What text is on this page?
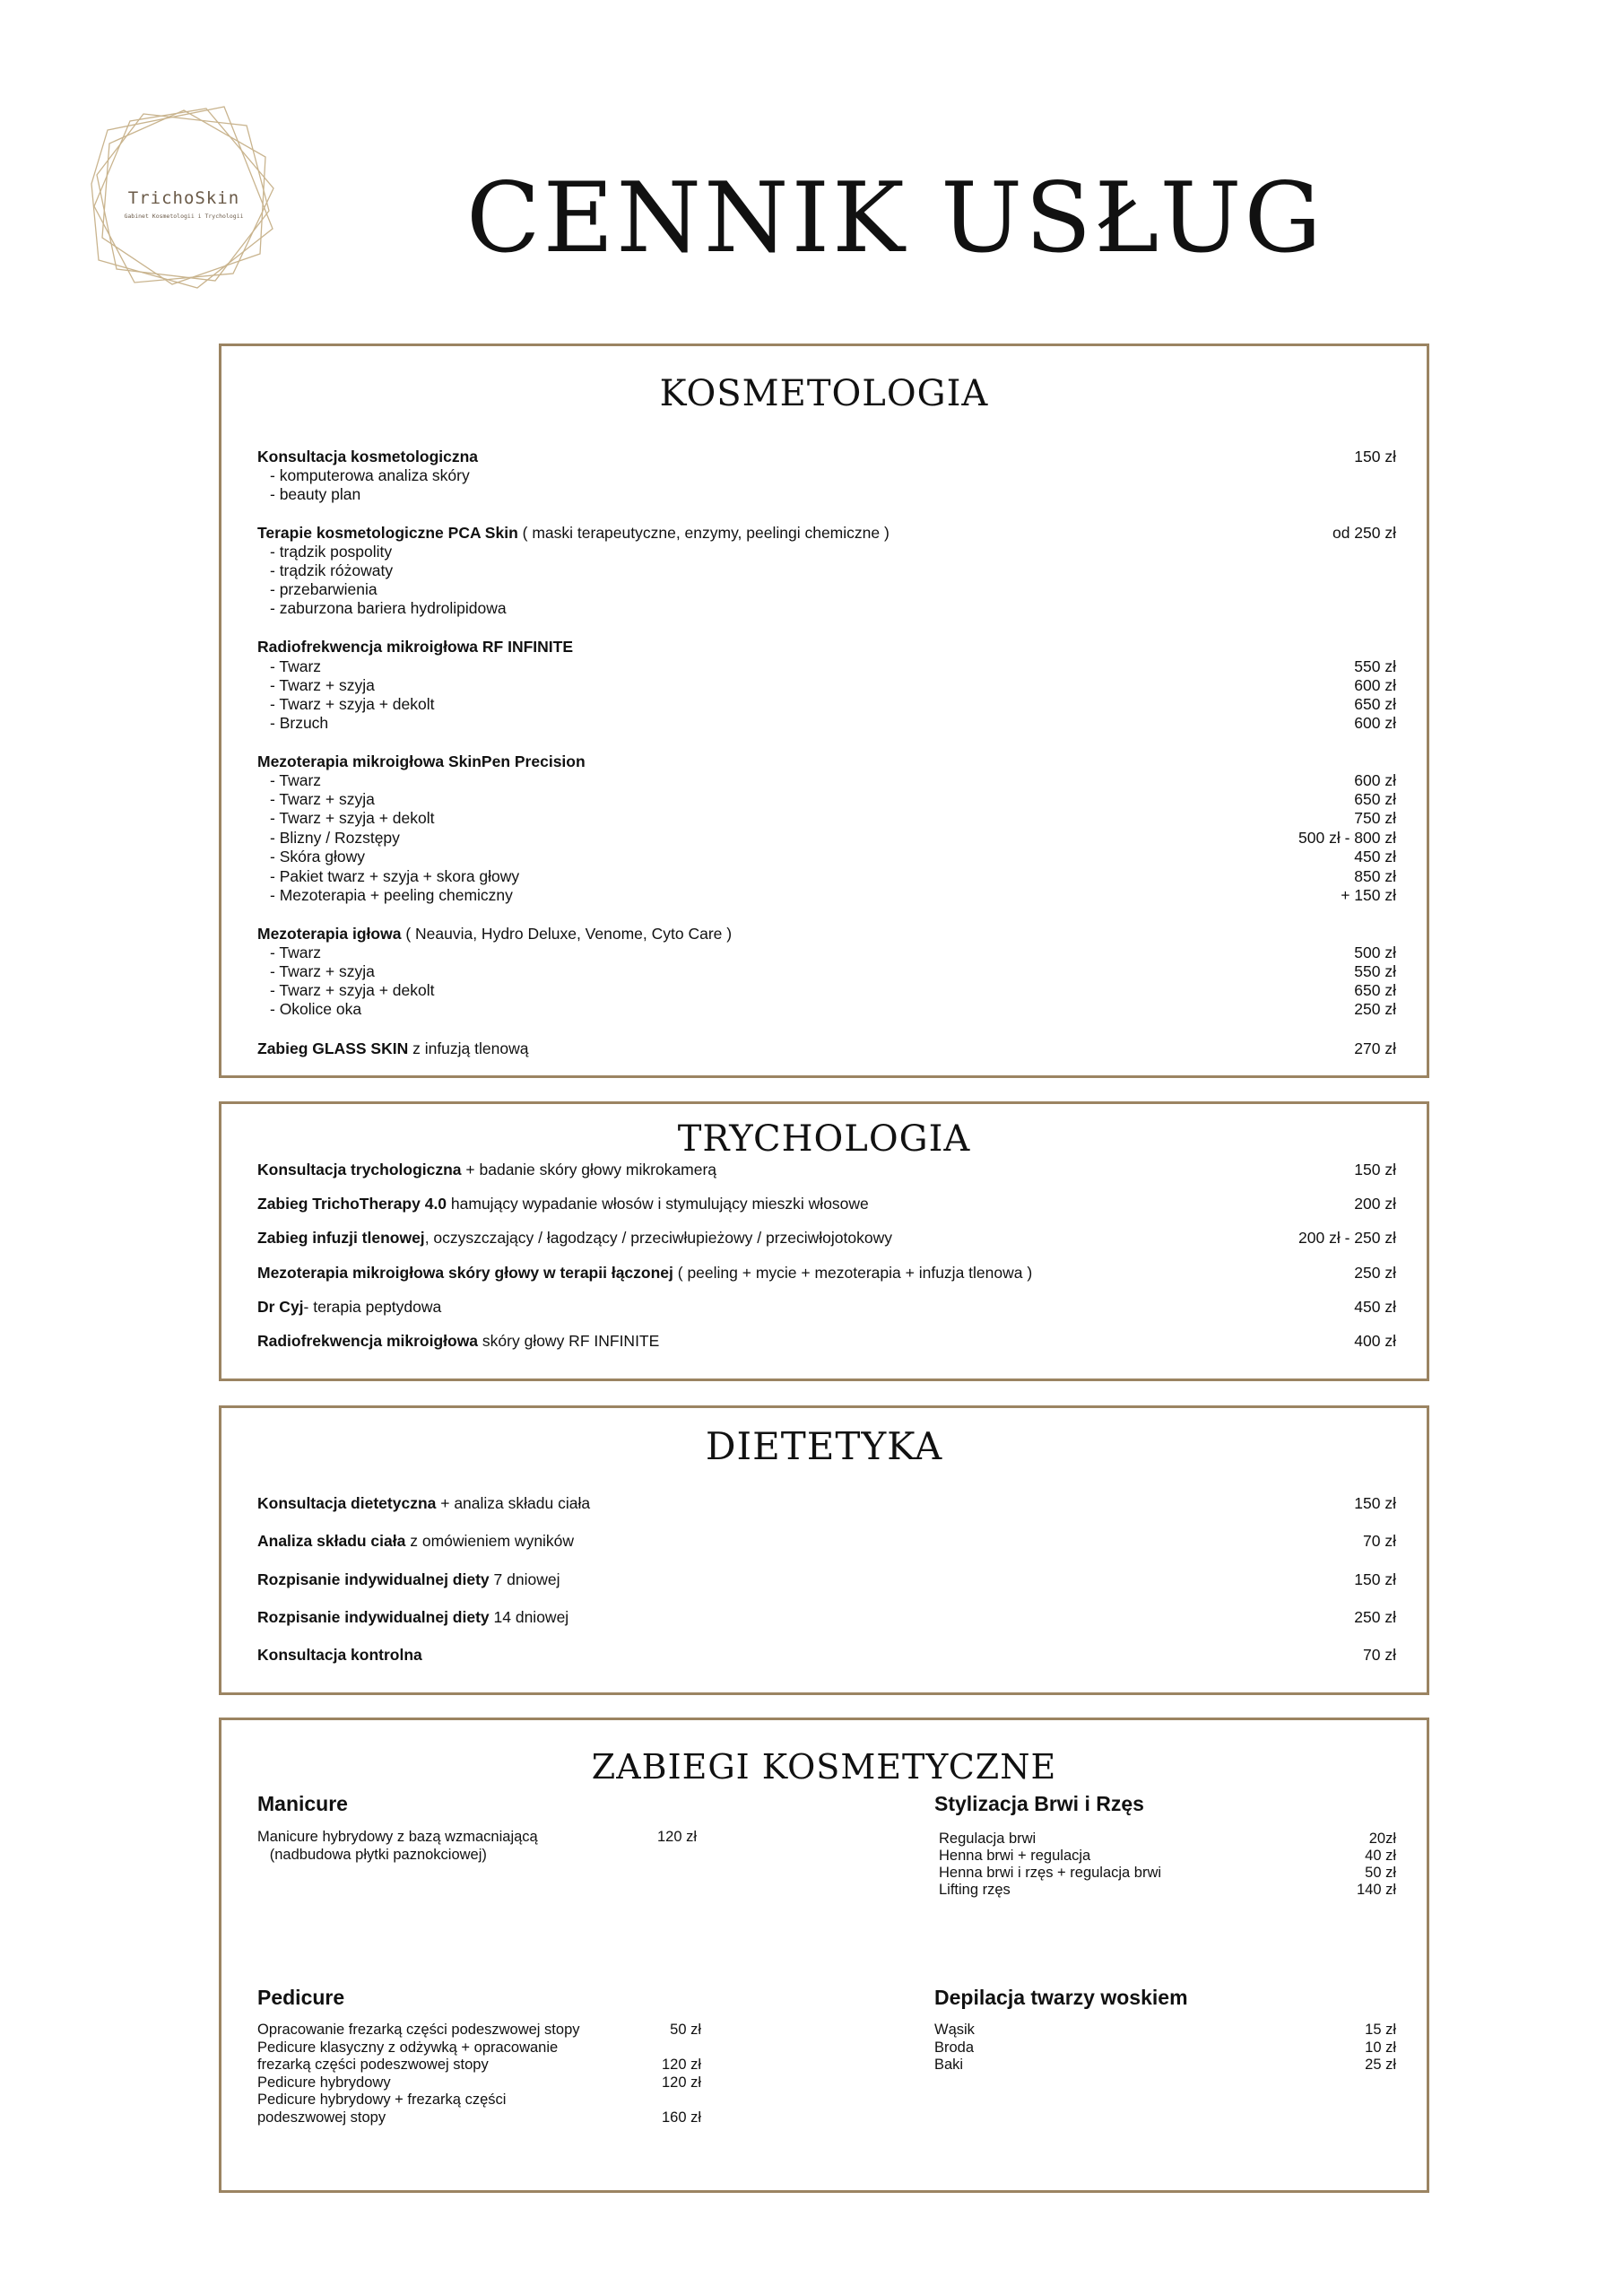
TrichoSkin
Gabinet Kosmetologii i Trychologii	CENNIK USŁUG
KOSMETOLOGIA
Konsultacja kosmetologiczna	150 zł
- komputerowa analiza skóry
- beauty plan
Terapie kosmetologiczne PCA Skin ( maski terapeutyczne, enzymy, peelingi chemiczne )	od 250 zł
- trądzik pospolity
- trądzik różowaty
- przebarwienia
- zaburzona bariera hydrolipidowa
Radiofrekwencja mikroigłowa RF INFINITE
- Twarz	550 zł
- Twarz + szyja	600 zł
- Twarz + szyja + dekolt	650 zł
- Brzuch	600 zł
Mezoterapia mikroigłowa SkinPen Precision
- Twarz	600 zł
- Twarz + szyja	650 zł
- Twarz + szyja + dekolt	750 zł
- Blizny / Rozstępy	500 zł - 800 zł
- Skóra głowy	450 zł
- Pakiet twarz + szyja + skora głowy	850 zł
- Mezoterapia + peeling chemiczny	+ 150 zł
Mezoterapia igłowa ( Neauvia, Hydro Deluxe, Venome, Cyto Care )
- Twarz	500 zł
- Twarz + szyja	550 zł
- Twarz + szyja + dekolt	650 zł
- Okolice oka	250 zł
Zabieg GLASS SKIN z infuzją tlenową	270 zł
TRYCHOLOGIA
Konsultacja trychologiczna + badanie skóry głowy mikrokamerą	150 zł
Zabieg TrichoTherapy 4.0 hamujący wypadanie włosów i stymulujący mieszki włosowe	200 zł
Zabieg infuzji tlenowej, oczyszczający / łagodzący / przeciwłupieżowy / przeciwłojotokowy	200 zł - 250 zł
Mezoterapia mikroigłowa skóry głowy w terapii łączonej ( peeling + mycie + mezoterapia + infuzja tlenowa )	250 zł
Dr Cyj- terapia peptydowa	450 zł
Radiofrekwencja mikroigłowa skóry głowy RF INFINITE	400 zł
DIETETYKA
Konsultacja dietetyczna + analiza składu ciała	150 zł
Analiza składu ciała z omówieniem wyników	70 zł
Rozpisanie indywidualnej diety 7 dniowej	150 zł
Rozpisanie indywidualnej diety 14 dniowej	250 zł
Konsultacja kontrolna	70 zł
ZABIEGI KOSMETYCZNE
Manicure
Manicure hybrydowy z bazą wzmacniającą	120 zł
(nadbudowa płytki paznokciowej)
Stylizacja Brwi i Rzęs
Regulacja brwi	20zł
Henna brwi + regulacja	40 zł
Henna brwi i rzęs + regulacja brwi	50 zł
Lifting rzęs	140 zł
Pedicure
Opracowanie frezarką części podeszwowej stopy	50 zł
Pedicure klasyczny z odżywką + opracowanie
frezarką części podeszwowej stopy	120 zł
Pedicure hybrydowy	120 zł
Pedicure hybrydowy + frezarką części
podeszwowej stopy	160 zł
Depilacja twarzy woskiem
Wąsik	15 zł
Broda	10 zł
Baki	25 zł
